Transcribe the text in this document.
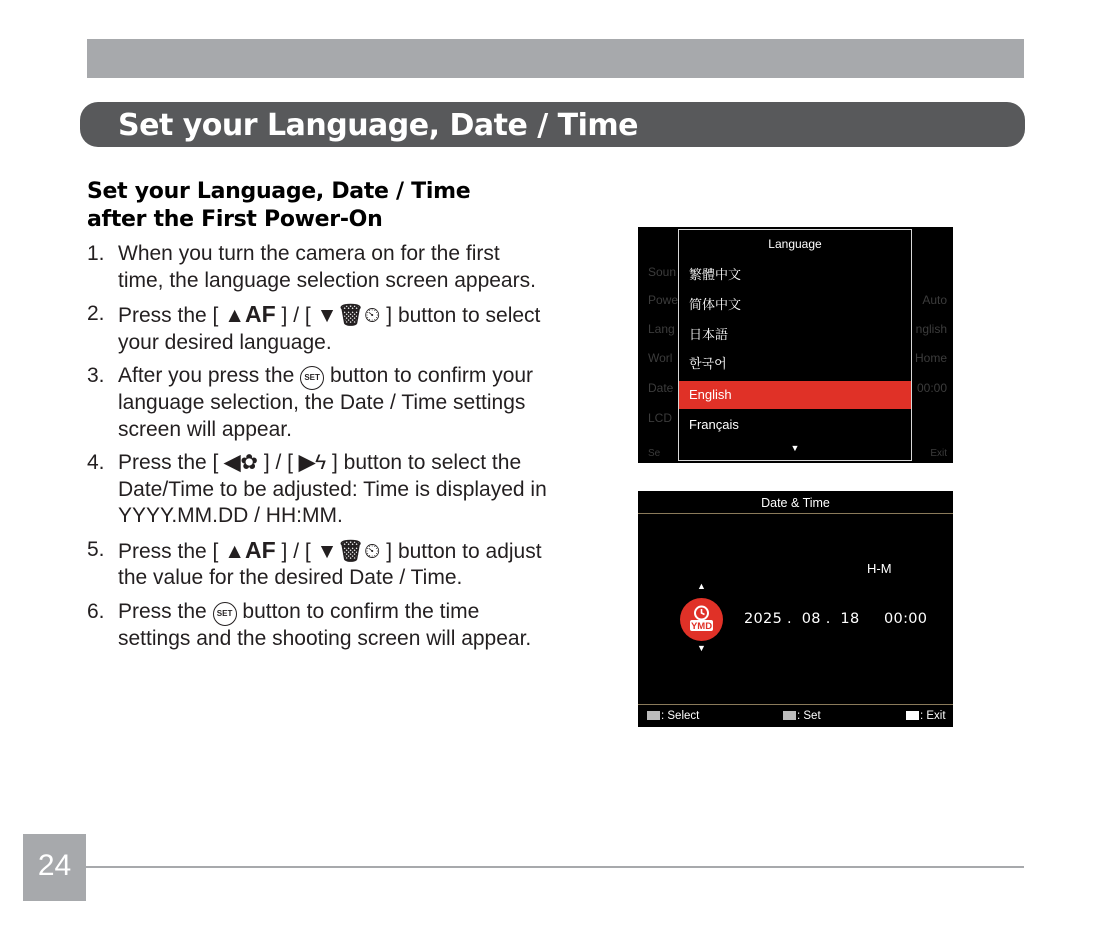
Set your Language, Date / Time
Set your Language, Date / Time after the First Power-On
1. When you turn the camera on for the first time, the language selection screen appears.
2. Press the [ ▲AF ] / [ ▼🗑⏲ ] button to select your desired language.
3. After you press the SET button to confirm your language selection, the Date / Time settings screen will appear.
4. Press the [ ◀✿ ] / [ ▶ϟ ] button to select the Date/Time to be adjusted: Time is displayed in YYYY.MM.DD / HH:MM.
5. Press the [ ▲AF ] / [ ▼🗑⏲ ] button to adjust the value for the desired Date / Time.
6. Press the SET button to confirm the time settings and the shooting screen will appear.
Soun
Powe
Lang
Worl
Date
LCD
Auto
nglish
Home
00:00
Se	Exit
Language
繁體中文
简体中文
日本語
한국어
English
Français
▼
Date & Time
H-M
▲
YMD
▼
2025 .  08 .  18     00:00
: Select	: Set	: Exit
24
